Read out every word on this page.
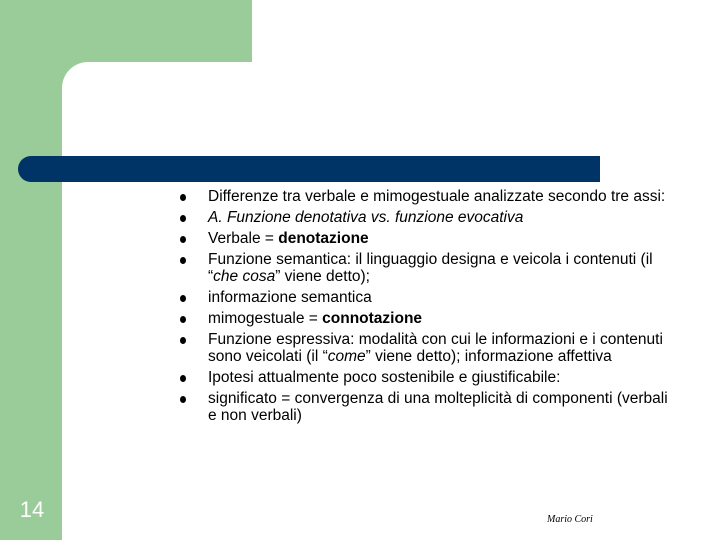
Differenze tra verbale e mimogestuale analizzate secondo tre assi:
A. Funzione denotativa vs. funzione evocativa
Verbale = denotazione
Funzione semantica: il linguaggio designa e veicola i contenuti (il “che cosa” viene detto);
informazione semantica
mimogestuale = connotazione
Funzione espressiva: modalità con cui le informazioni e i contenuti sono veicolati (il “come” viene detto); informazione affettiva
Ipotesi attualmente poco sostenibile e giustificabile:
significato = convergenza di una molteplicità di componenti (verbali e non verbali)
14	Mario Cori
